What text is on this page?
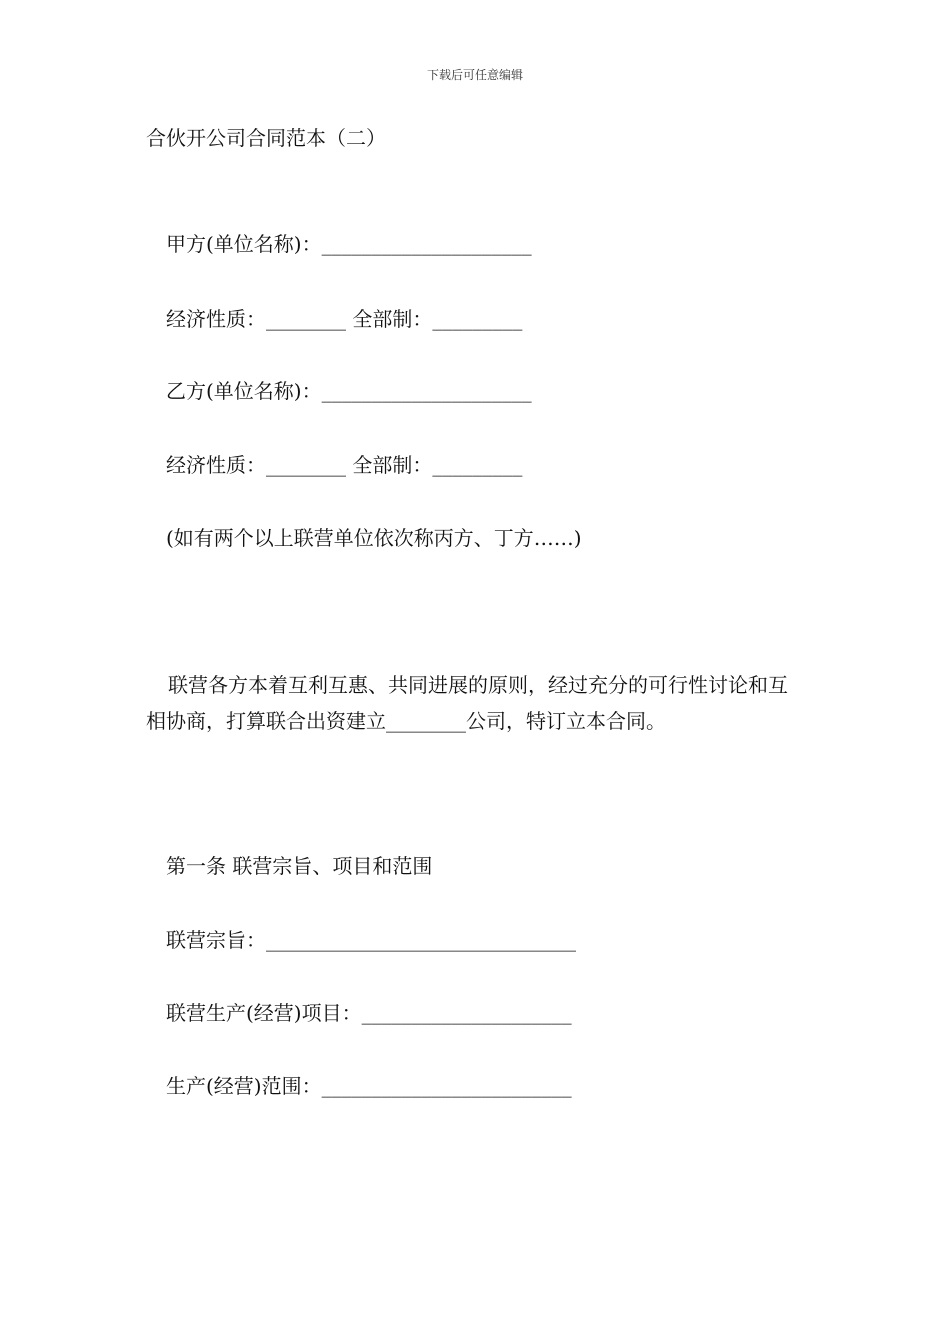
下载后可任意编辑
合伙开公司合同范本（二）
甲方(单位名称)：_____________________
经济性质：________ 全部制：_________
乙方(单位名称)：_____________________
经济性质：________ 全部制：_________
(如有两个以上联营单位依次称丙方、丁方……)
联营各方本着互利互惠、共同进展的原则，经过充分的可行性讨论和互相协商，打算联合出资建立________公司，特订立本合同。
第一条 联营宗旨、项目和范围
联营宗旨：_______________________________
联营生产(经营)项目：_____________________
生产(经营)范围：_________________________
